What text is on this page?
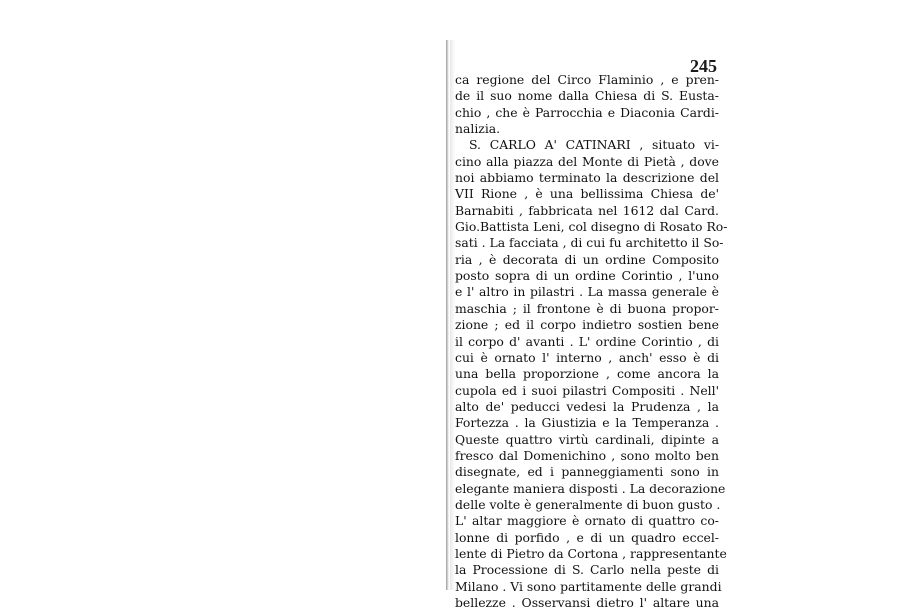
245
ca regione del Circo Flaminio , e pren-
de il suo nome dalla Chiesa di S. Eusta-
chio , che è Parrocchia e Diaconia Cardi-
nalizia.
S. CARLO A' CATINARI , situato vi-
cino alla piazza del Monte di Pietà , dove
noi abbiamo terminato la descrizione del
VII Rione , è una bellissima Chiesa de'
Barnabiti , fabbricata nel 1612 dal Card.
Gio.Battista Leni, col disegno di Rosato Ro-
sati . La facciata , di cui fu architetto il So-
ria , è decorata di un ordine Composito
posto sopra di un ordine Corintio , l'uno
e l' altro in pilastri . La massa generale è
maschia ; il frontone è di buona propor-
zione ; ed il corpo indietro sostien bene
il corpo d' avanti . L' ordine Corintio , di
cui è ornato l' interno , anch' esso è di
una bella proporzione , come ancora la
cupola ed i suoi pilastri Compositi . Nell'
alto de' peducci vedesi la Prudenza , la
Fortezza . la Giustizia e la Temperanza .
Queste quattro virtù cardinali, dipinte a
fresco dal Domenichino , sono molto ben
disegnate, ed i panneggiamenti sono in
elegante maniera disposti . La decorazione
delle volte è generalmente di buon gusto .
L' altar maggiore è ornato di quattro co-
lonne di porfido , e di un quadro eccel-
lente di Pietro da Cortona , rappresentante
la Processione di S. Carlo nella peste di
Milano . Vi sono partitamente delle grandi
bellezze . Osservansi dietro l' altare una
